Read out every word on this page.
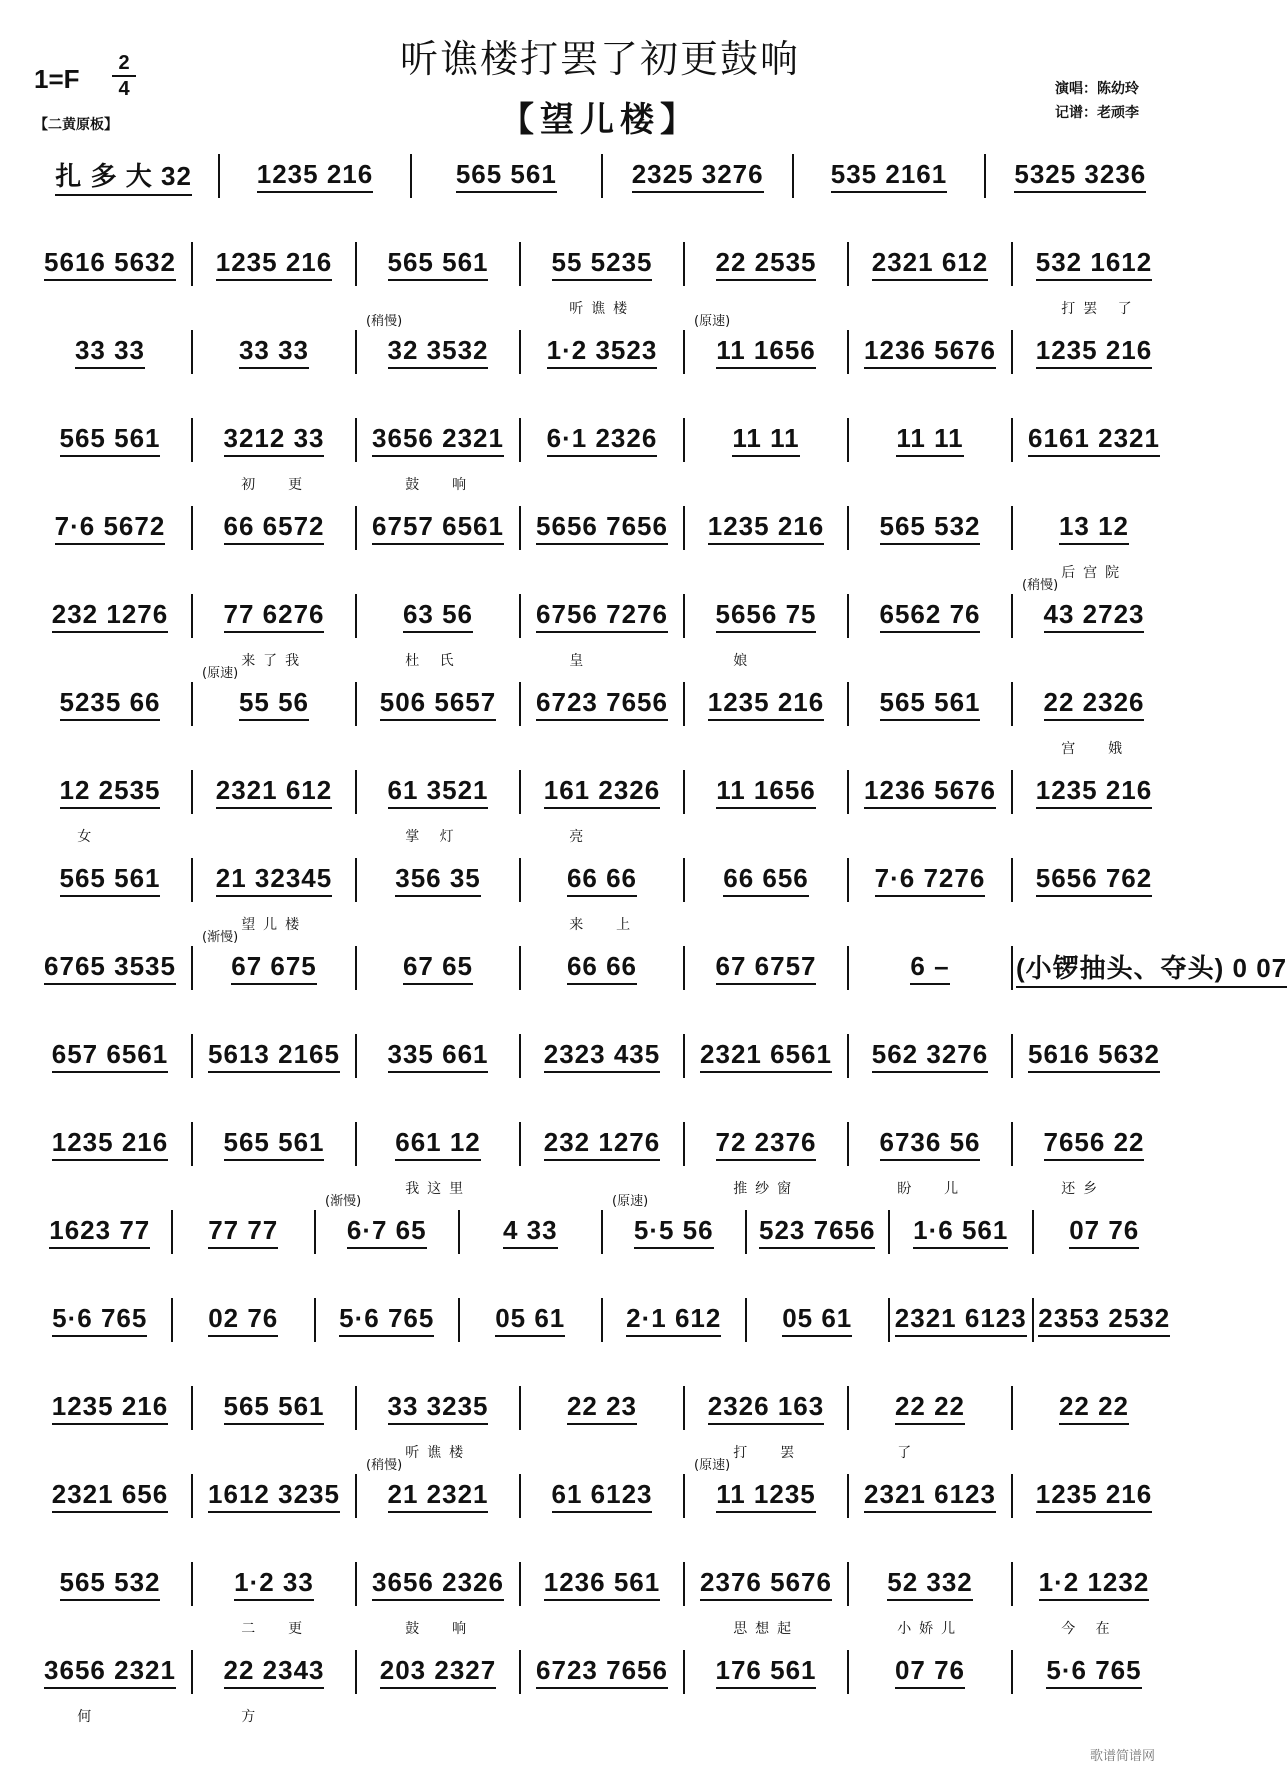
听谯楼打罢了初更鼓响
【望儿楼】
1=F
2
4
【二黄原板】
演唱：陈幼玲
记谱：老顽李
扎 多 大 32 1235 216	565 561	2325 3276	535 2161	5325 3236
5616 5632 1235 216 565 561 55 5235 22 2535 2321 612 532 1612
听谯楼	打罢 了
33 33	33 33	32 3532 1·2 3523 11 1656 1236 5676 1235 216
(稍慢)	(原速)
565 561 3212 33 3656 2321 6·1 2326	11 11	11 11 6161 2321
初  更	鼓  响
7·6 5672 66 6572 6757 6561 5656 7656 1235 216 565 532	13 12
后宫院
232 1276 77 6276	63 56 6756 7276 5656 75 6562 76 43 2723
来了我	杜 氏	皇	娘
(稍慢)
5235 66	55 56	506 5657 6723 7656 1235 216 565 561 22 2326
宫  娥
(原速)
12 2535 2321 612 61 3521 161 2326 11 1656 1236 5676 1235 216
女	掌 灯	亮
565 561 21 32345 356 35	66 66	66 656	7·6 7276 5656 762
望儿楼	来  上
6765 3535 67 675	67 65	66 66	67 6757	6 –	(小锣抽头、夺头) 0 07
(渐慢)
657 6561 5613 2165 335 661 2323 435 2321 6561 562 3276 5616 5632
1235 216 565 561	661 12 232 1276 72 2376 6736 56 7656 22
我这里	推纱窗	盼  儿	还乡
1623 77 77 77	6·7 65	4 33	5·5 56 523 7656 1·6 561 07 76
(渐慢)	(原速)
5·6 765 02 76 5·6 765 05 61 2·1 612 05 61 2321 6123 2353 2532
1235 216 565 561 33 3235	22 23	2326 163	22 22	22 22
听谯楼	打  罢	了
2321 656 1612 3235 21 2321 61 6123 11 1235 2321 6123 1235 216
(稍慢)	(原速)
565 532	1·2 33 3656 2326 1236 561 2376 5676 52 332	1·2 1232
二  更	鼓  响	思想起	小娇儿	今 在
3656 2321 22 2343 203 2327 6723 7656 176 561	07 76	5·6 765
何	方
歌谱简谱网
